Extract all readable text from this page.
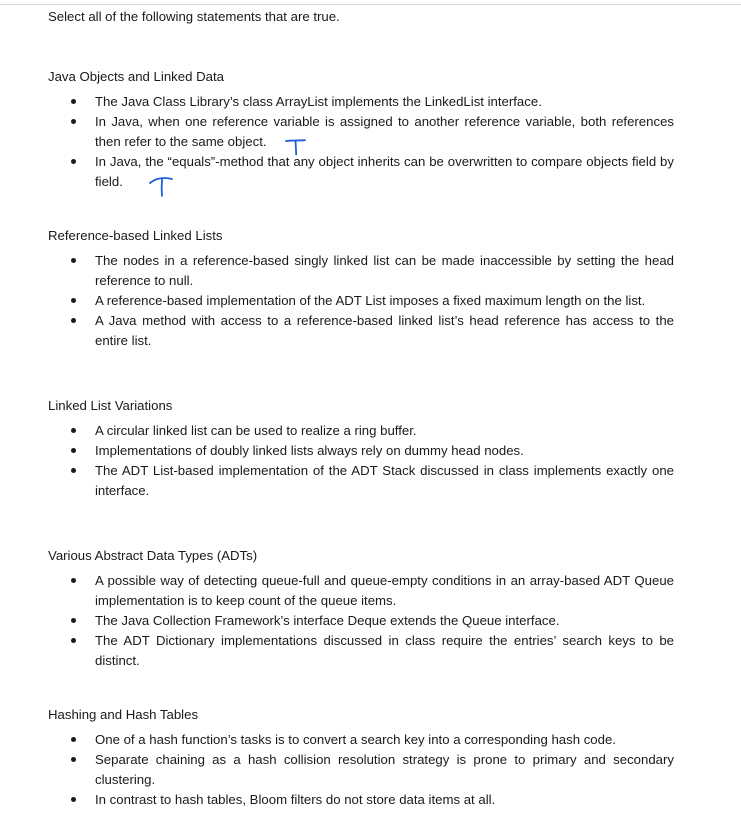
Select all of the following statements that are true.
Java Objects and Linked Data
The Java Class Library’s class ArrayList implements the LinkedList interface.
In Java, when one reference variable is assigned to another reference variable, both references then refer to the same object.
In Java, the “equals”-method that any object inherits can be overwritten to compare objects field by field.
Reference-based Linked Lists
The nodes in a reference-based singly linked list can be made inaccessible by setting the head reference to null.
A reference-based implementation of the ADT List imposes a fixed maximum length on the list.
A Java method with access to a reference-based linked list’s head reference has access to the entire list.
Linked List Variations
A circular linked list can be used to realize a ring buffer.
Implementations of doubly linked lists always rely on dummy head nodes.
The ADT List-based implementation of the ADT Stack discussed in class implements exactly one interface.
Various Abstract Data Types (ADTs)
A possible way of detecting queue-full and queue-empty conditions in an array-based ADT Queue implementation is to keep count of the queue items.
The Java Collection Framework’s interface Deque extends the Queue interface.
The ADT Dictionary implementations discussed in class require the entries’ search keys to be distinct.
Hashing and Hash Tables
One of a hash function’s tasks is to convert a search key into a corresponding hash code.
Separate chaining as a hash collision resolution strategy is prone to primary and secondary clustering.
In contrast to hash tables, Bloom filters do not store data items at all.
